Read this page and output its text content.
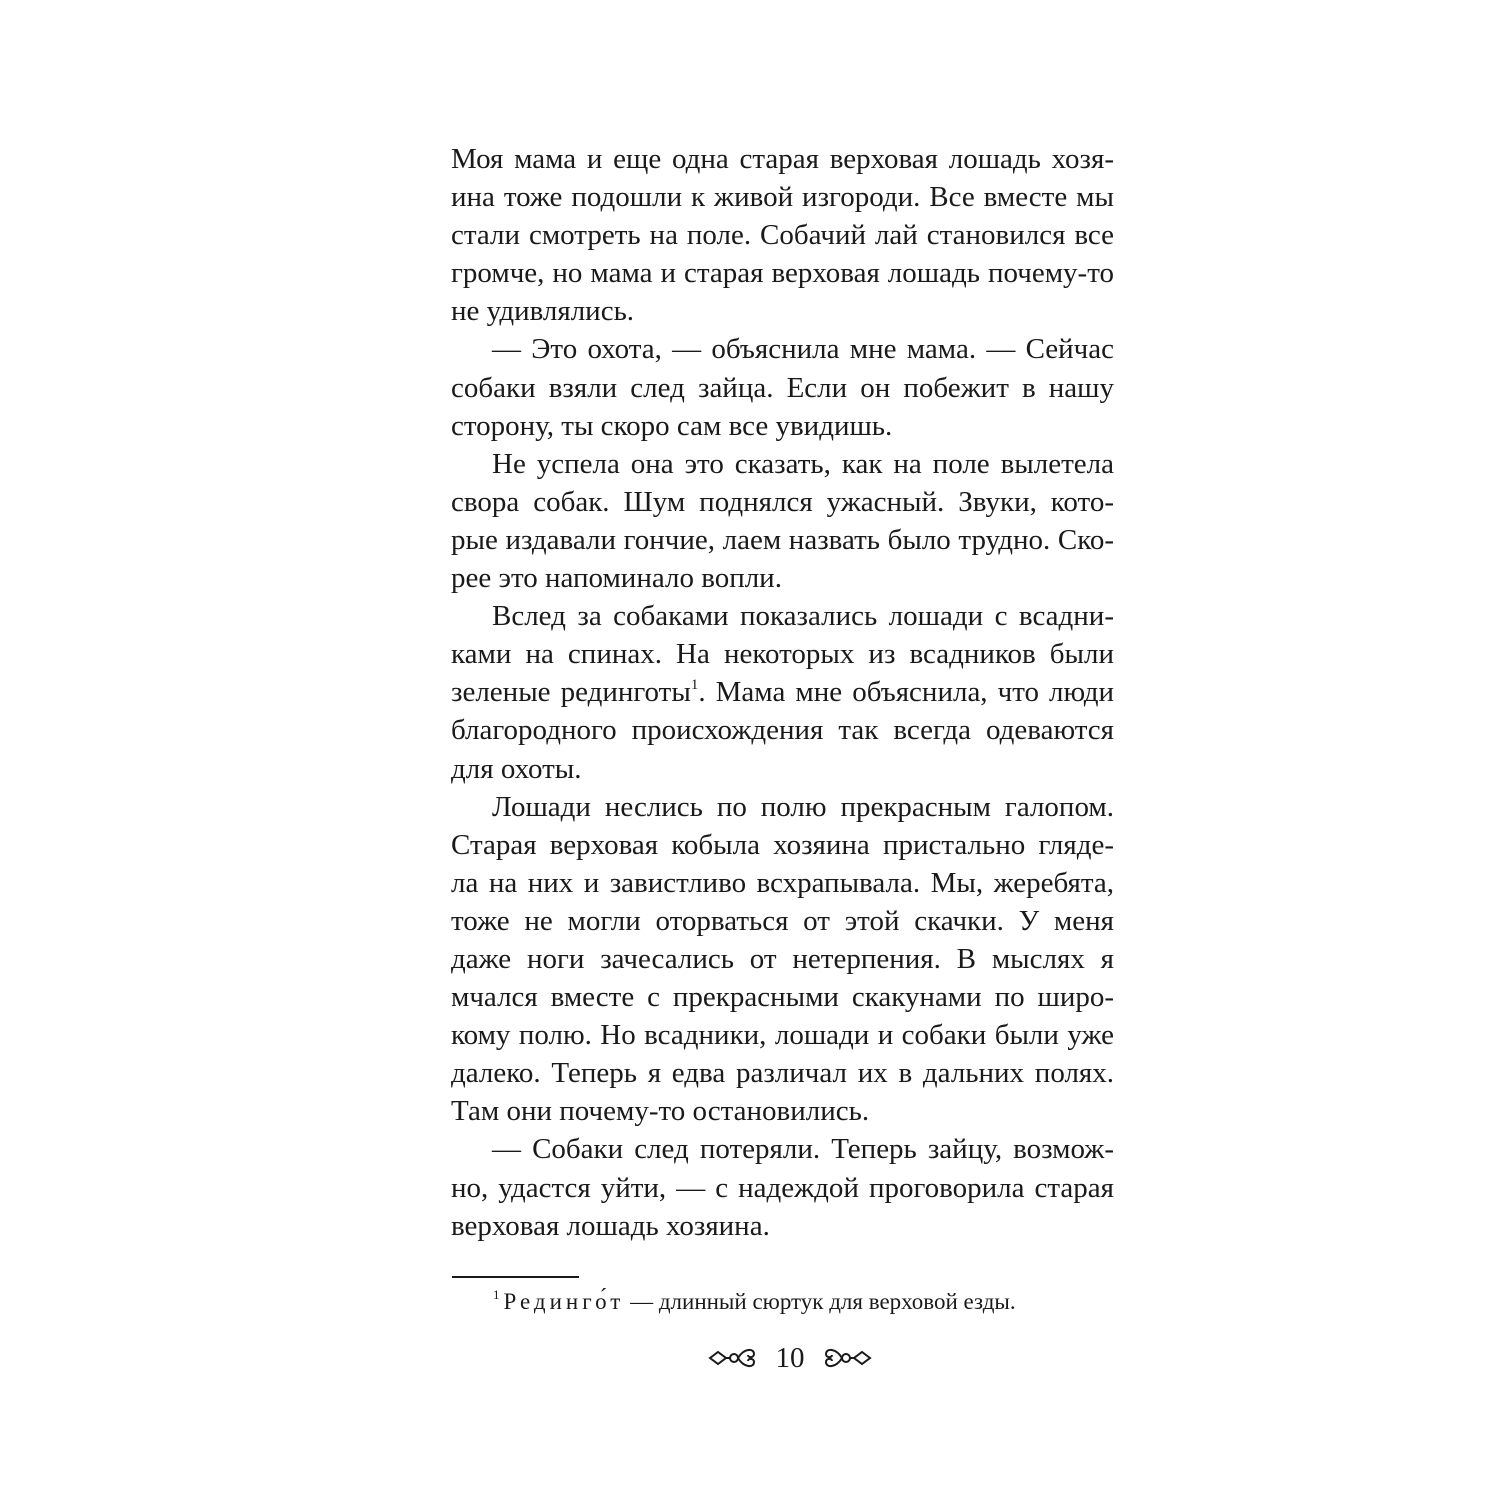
Моя мама и еще одна старая верховая лошадь хозя-
ина тоже подошли к живой изгороди. Все вместе мы
стали смотреть на поле. Собачий лай становился все
громче, но мама и старая верховая лошадь почему-то
не удивлялись.
— Это охота, — объяснила мне мама. — Сейчас
собаки взяли след зайца. Если он побежит в нашу
сторону, ты скоро сам все увидишь.
Не успела она это сказать, как на поле вылетела
свора собак. Шум поднялся ужасный. Звуки, кото-
рые издавали гончие, лаем назвать было трудно. Ско-
рее это напоминало вопли.
Вслед за собаками показались лошади с всадни-
ками на спинах. На некоторых из всадников были
зеленые рединготы$^1$. Мама мне объяснила, что люди
благородного происхождения так всегда одеваются
для охоты.
Лошади неслись по полю прекрасным галопом.
Старая верховая кобыла хозяина пристально гляде-
ла на них и завистливо всхрапывала. Мы, жеребята,
тоже не могли оторваться от этой скачки. У меня
даже ноги зачесались от нетерпения. В мыслях я
мчался вместе с прекрасными скакунами по широ-
кому полю. Но всадники, лошади и собаки были уже
далеко. Теперь я едва различал их в дальних полях.
Там они почему-то остановились.
— Собаки след потеряли. Теперь зайцу, возмож-
но, удастся уйти, — с надеждой проговорила старая
верховая лошадь хозяина.
$^1$ Рединго́т — длинный сюртук для верховой езды.
10
